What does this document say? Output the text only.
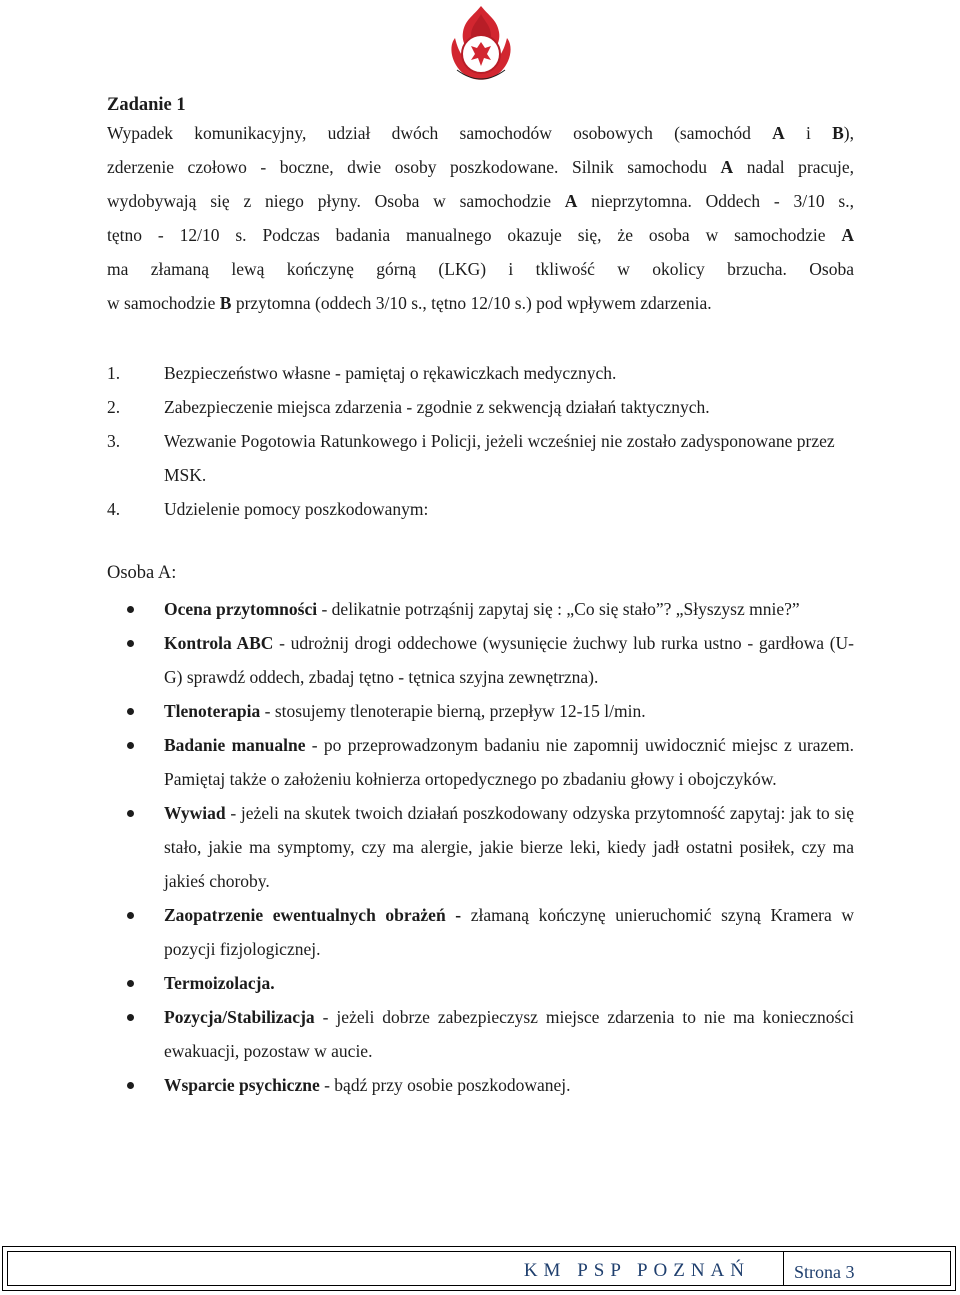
Zadanie 1

Wypadek komunikacyjny, udział dwóch samochodów osobowych (samochód A i B),
zderzenie czołowo - boczne, dwie osoby poszkodowane. Silnik samochodu A nadal pracuje,
wydobywają się z niego płyny. Osoba w samochodzie A nieprzytomna. Oddech - 3/10 s.,
tętno - 12/10 s. Podczas badania manualnego okazuje się, że osoba w samochodzie A
ma złamaną lewą kończynę górną (LKG) i tkliwość w okolicy brzucha. Osoba
w samochodzie B przytomna (oddech 3/10 s., tętno 12/10 s.) pod wpływem zdarzenia.

1.	Bezpieczeństwo własne - pamiętaj o rękawiczkach medycznych.
2.	Zabezpieczenie miejsca zdarzenia - zgodnie z sekwencją działań taktycznych.
3.	Wezwanie Pogotowia Ratunkowego i Policji, jeżeli wcześniej nie zostało zadysponowane przez MSK.
4.	Udzielenie pomocy poszkodowanym:
Osoba A:
Ocena przytomności - delikatnie potrząśnij zapytaj się : „Co się stało”? „Słyszysz mnie?”
Kontrola ABC - udrożnij drogi oddechowe (wysunięcie żuchwy lub rurka ustno - gardłowa (U-G) sprawdź oddech, zbadaj tętno - tętnica szyjna zewnętrzna).
Tlenoterapia - stosujemy tlenoterapie bierną, przepływ 12-15 l/min.
Badanie manualne - po przeprowadzonym badaniu nie zapomnij uwidocznić miejsc z urazem. Pamiętaj także o założeniu kołnierza ortopedycznego po zbadaniu głowy i obojczyków.
Wywiad - jeżeli na skutek twoich działań poszkodowany odzyska przytomność zapytaj: jak to się stało, jakie ma symptomy, czy ma alergie, jakie bierze leki, kiedy jadł ostatni posiłek, czy ma jakieś choroby.
Zaopatrzenie ewentualnych obrażeń - złamaną kończynę unieruchomić szyną Kramera w pozycji fizjologicznej.
Termoizolacja.
Pozycja/Stabilizacja - jeżeli dobrze zabezpieczysz miejsce zdarzenia to nie ma konieczności ewakuacji, pozostaw w aucie.
Wsparcie psychiczne - bądź przy osobie poszkodowanej.
KM PSP POZNAŃ Strona 3
